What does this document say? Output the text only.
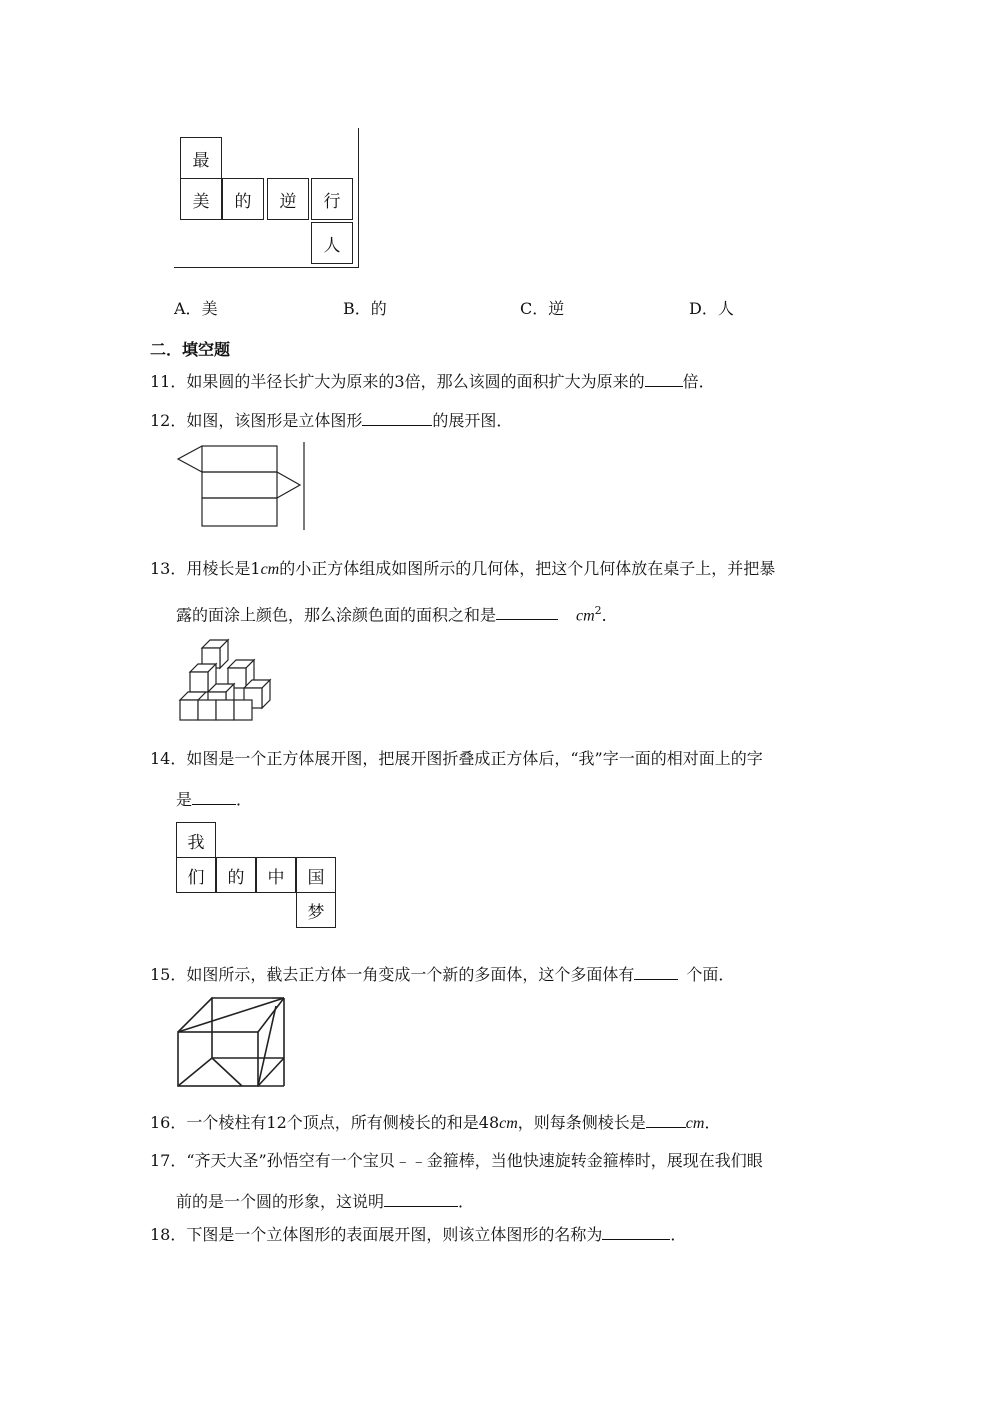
最
美	的	逆	行
人
A．美	B．的	C．逆	D．人
二．填空题
11．如果圆的半径长扩大为原来的3倍，那么该圆的面积扩大为原来的 倍．
12．如图，该图形是立体图形	的展开图．
13．用棱长是1cm的小正方体组成如图所示的几何体，把这个几何体放在桌子上，并把暴
露的面涂上颜色，那么涂颜色面的面积之和是	$cm^2$．
14．如图是一个正方体展开图，把展开图折叠成正方体后，“我”字一面的相对面上的字
是	．
我
们	的	中	国
梦
15．如图所示，截去正方体一角变成一个新的多面体，这个多面体有	个面．
16．一个棱柱有12个顶点，所有侧棱长的和是48cm，则每条侧棱长是	cm．
17．“齐天大圣”孙悟空有一个宝贝﹣﹣金箍棒，当他快速旋转金箍棒时，展现在我们眼
前的是一个圆的形象，这说明	．
18．下图是一个立体图形的表面展开图，则该立体图形的名称为	．
